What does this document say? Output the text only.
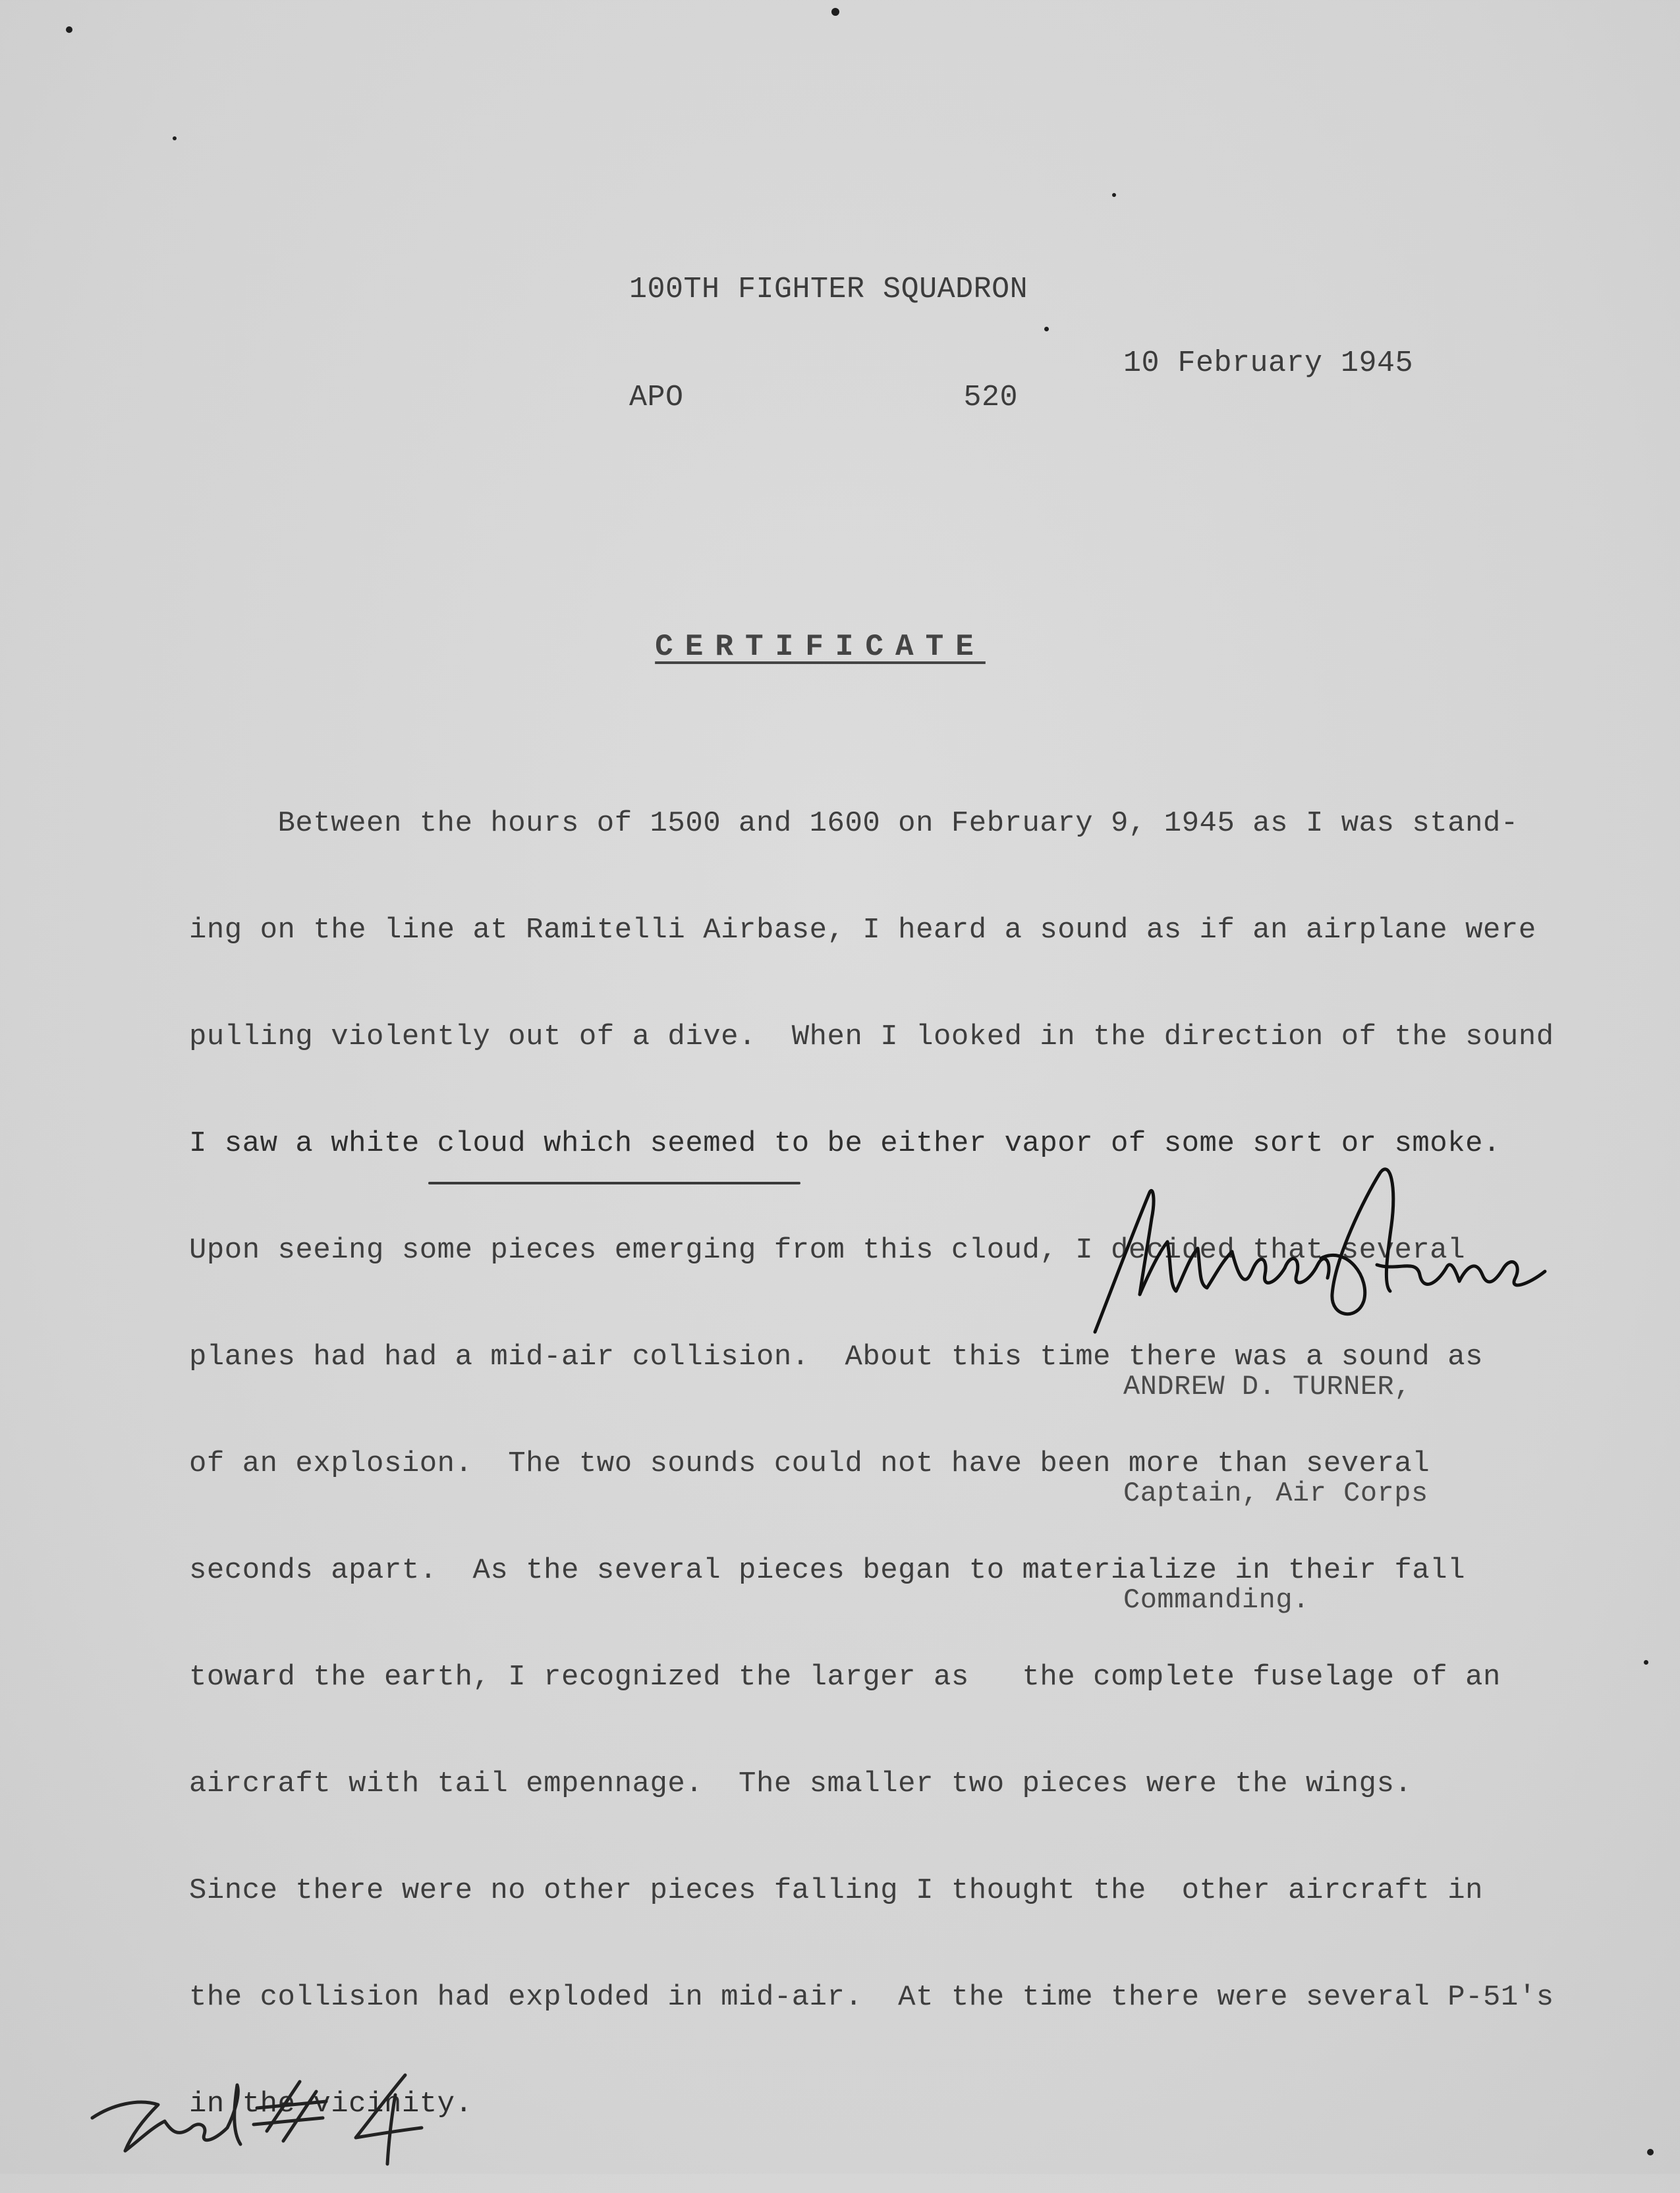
100TH FIGHTER SQUADRON

APO	520

10 February 1945
CERTIFICATE

Between the hours of 1500 and 1600 on February 9, 1945 as I was stand-

ing on the line at Ramitelli Airbase, I heard a sound as if an airplane were

pulling violently out of a dive.  When I looked in the direction of the sound

I saw a white cloud which seemed to be either vapor of some sort or smoke.

Upon seeing some pieces emerging from this cloud, I decided that several

planes had had a mid-air collision.  About this time there was a sound as

of an explosion.  The two sounds could not have been more than several

seconds apart.  As the several pieces began to materialize in their fall

toward the earth, I recognized the larger as   the complete fuselage of an

aircraft with tail empennage.  The smaller two pieces were the wings.

Since there were no other pieces falling I thought the  other aircraft in

the collision had exploded in mid-air.  At the time there were several P-51's

in the vicinity.

ANDREW D. TURNER,

Captain, Air Corps

Commanding.
